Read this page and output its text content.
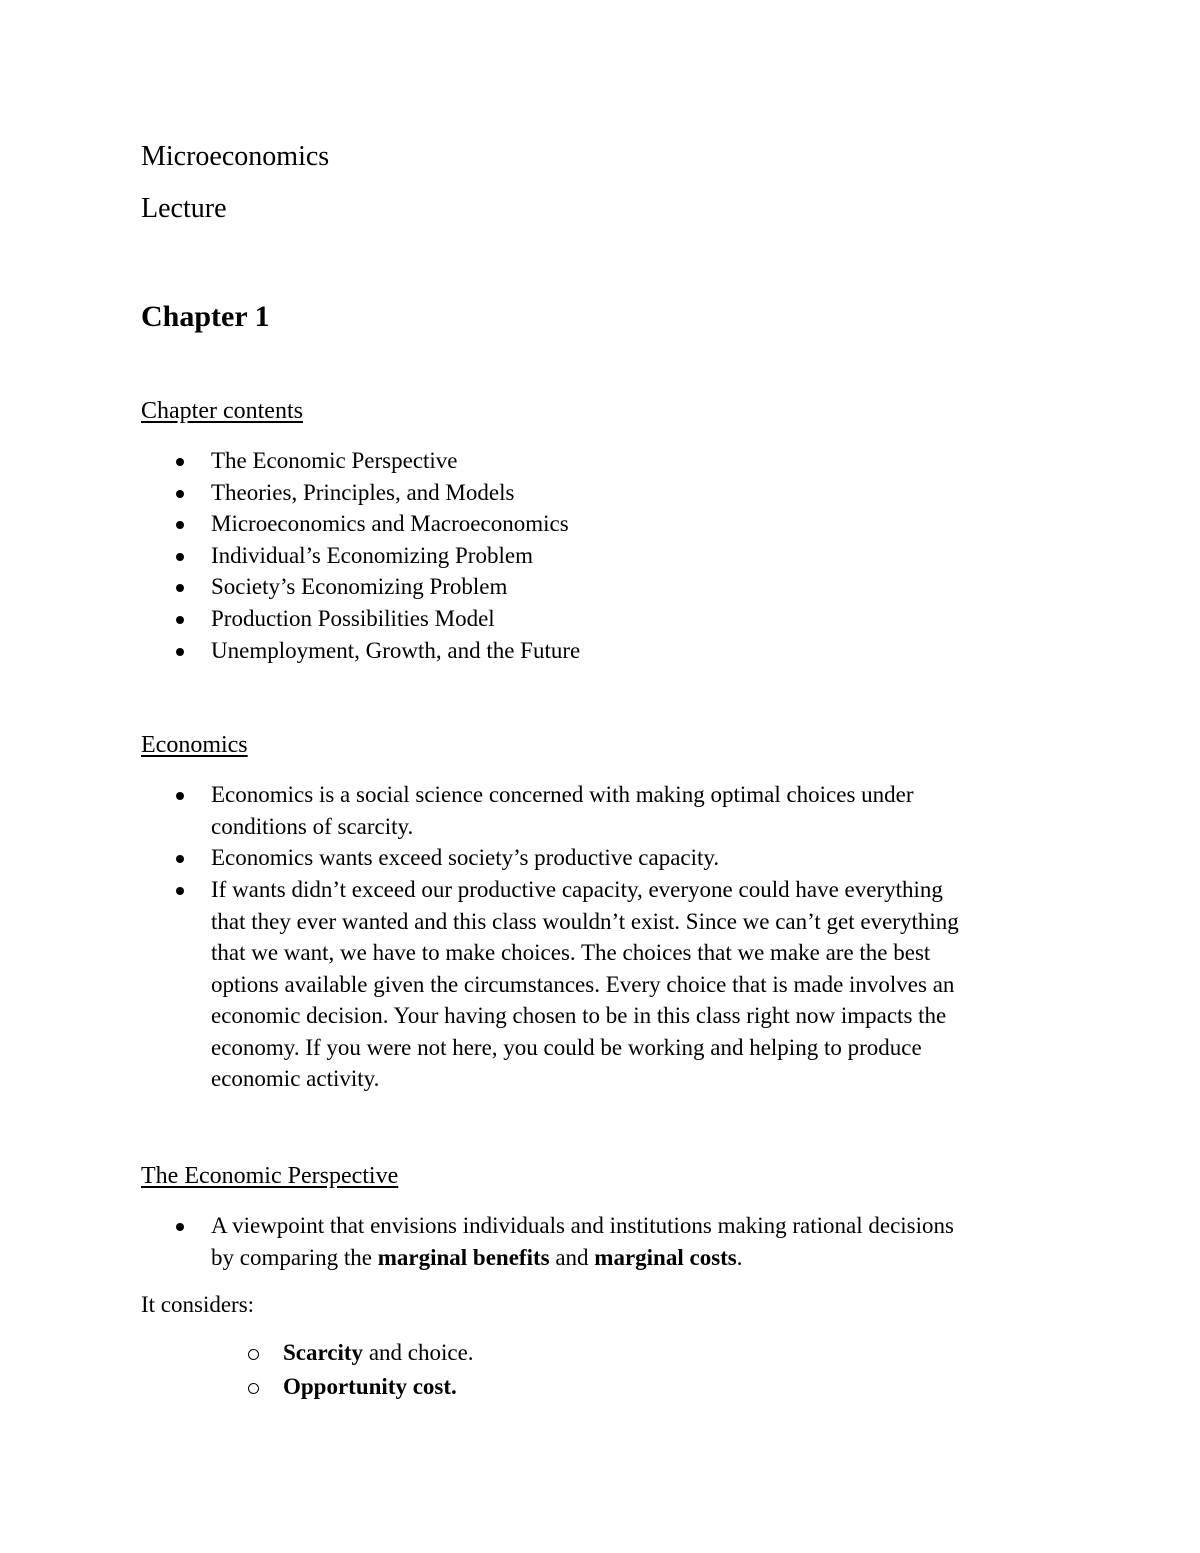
Microeconomics
Lecture
Chapter 1
Chapter contents
The Economic Perspective
Theories, Principles, and Models
Microeconomics and Macroeconomics
Individual’s Economizing Problem
Society’s Economizing Problem
Production Possibilities Model
Unemployment, Growth, and the Future
Economics
Economics is a social science concerned with making optimal choices under
conditions of scarcity.
Economics wants exceed society’s productive capacity.
If wants didn’t exceed our productive capacity, everyone could have everything
that they ever wanted and this class wouldn’t exist. Since we can’t get everything
that we want, we have to make choices. The choices that we make are the best
options available given the circumstances. Every choice that is made involves an
economic decision. Your having chosen to be in this class right now impacts the
economy. If you were not here, you could be working and helping to produce
economic activity.
The Economic Perspective
A viewpoint that envisions individuals and institutions making rational decisions
by comparing the marginal benefits and marginal costs.
It considers:
Scarcity and choice.
Opportunity cost.
